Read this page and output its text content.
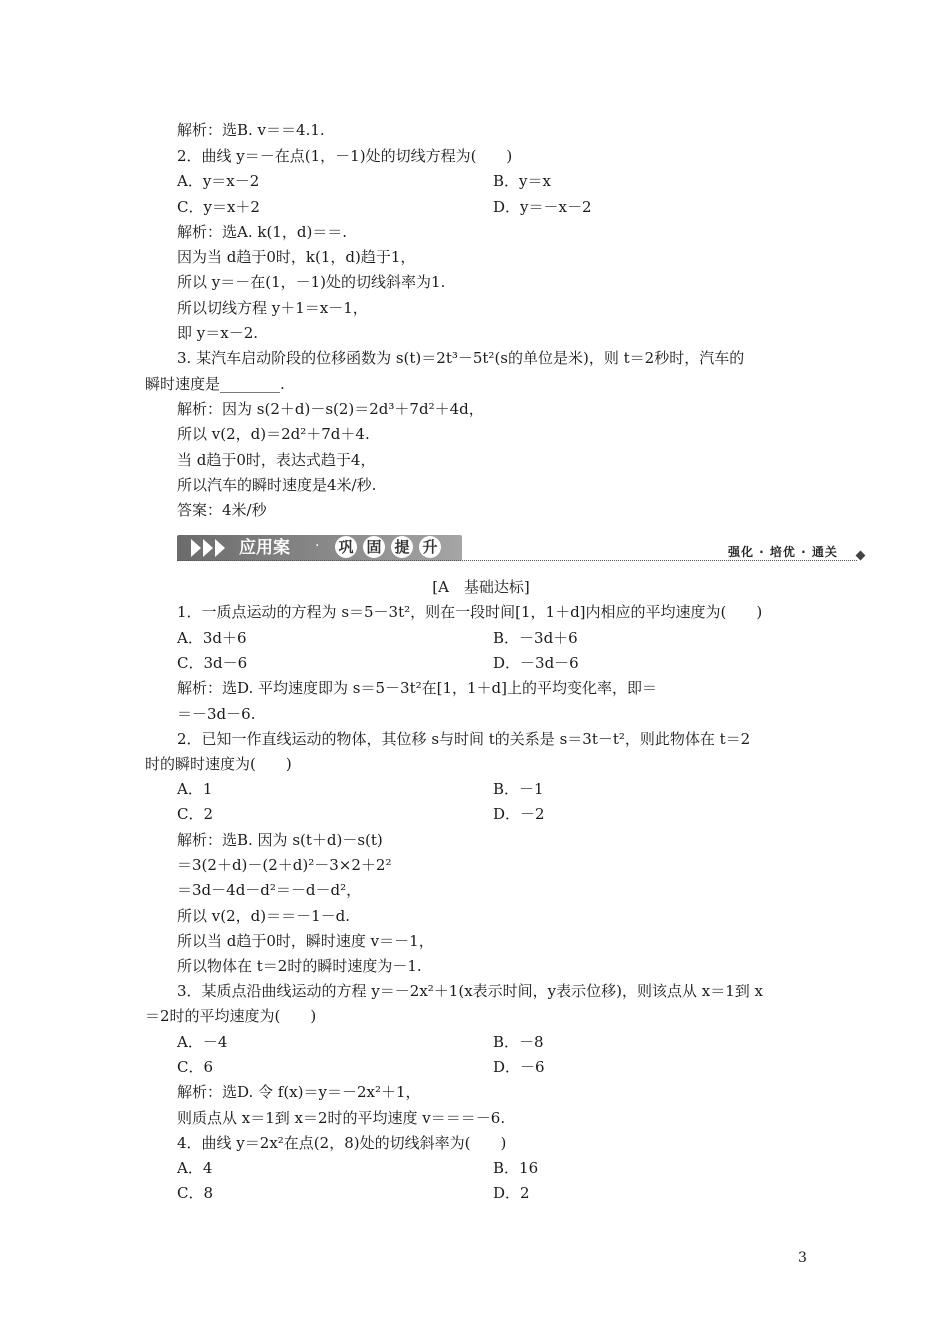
解析：选B. v＝＝4.1.
2．曲线 y＝－在点(1，－1)处的切线方程为(　　)
A．y＝x－2	B．y＝x
C．y＝x＋2	D．y＝－x－2
解析：选A. k(1，d)＝＝.
因为当 d趋于0时，k(1，d)趋于1，
所以 y＝－在(1，－1)处的切线斜率为1.
所以切线方程 y＋1＝x－1，
即 y＝x－2.
3. 某汽车启动阶段的位移函数为 s(t)＝2t³－5t²(s的单位是米)，则 t＝2秒时，汽车的
瞬时速度是________.
解析：因为 s(2＋d)－s(2)＝2d³＋7d²＋4d，
所以 v(2，d)＝2d²＋7d＋4.
当 d趋于0时，表达式趋于4，
所以汽车的瞬时速度是4米/秒.
答案：4米/秒
应用案 · 巩 固 提 升	强化 · 培优 · 通关
[A　基础达标]
1．一质点运动的方程为 s＝5－3t²，则在一段时间[1，1＋d]内相应的平均速度为(　　)
A．3d＋6	B．－3d＋6
C．3d－6	D．－3d－6
解析：选D. 平均速度即为 s＝5－3t²在[1，1＋d]上的平均变化率，即＝
＝－3d－6.
2．已知一作直线运动的物体，其位移 s与时间 t的关系是 s＝3t－t²，则此物体在 t＝2
时的瞬时速度为(　　)
A．1	B．－1
C．2	D．－2
解析：选B. 因为 s(t＋d)－s(t)
＝3(2＋d)－(2＋d)²－3×2＋2²
＝3d－4d－d²＝－d－d²，
所以 v(2，d)＝＝－1－d.
所以当 d趋于0时，瞬时速度 v＝－1，
所以物体在 t＝2时的瞬时速度为－1.
3．某质点沿曲线运动的方程 y＝－2x²＋1(x表示时间，y表示位移)，则该点从 x＝1到 x
＝2时的平均速度为(　　)
A．－4	B．－8
C．6	D．－6
解析：选D. 令 f(x)＝y＝－2x²＋1，
则质点从 x＝1到 x＝2时的平均速度 v＝＝＝－6.
4．曲线 y＝2x²在点(2，8)处的切线斜率为(　　)
A．4	B．16
C．8	D．2
3
